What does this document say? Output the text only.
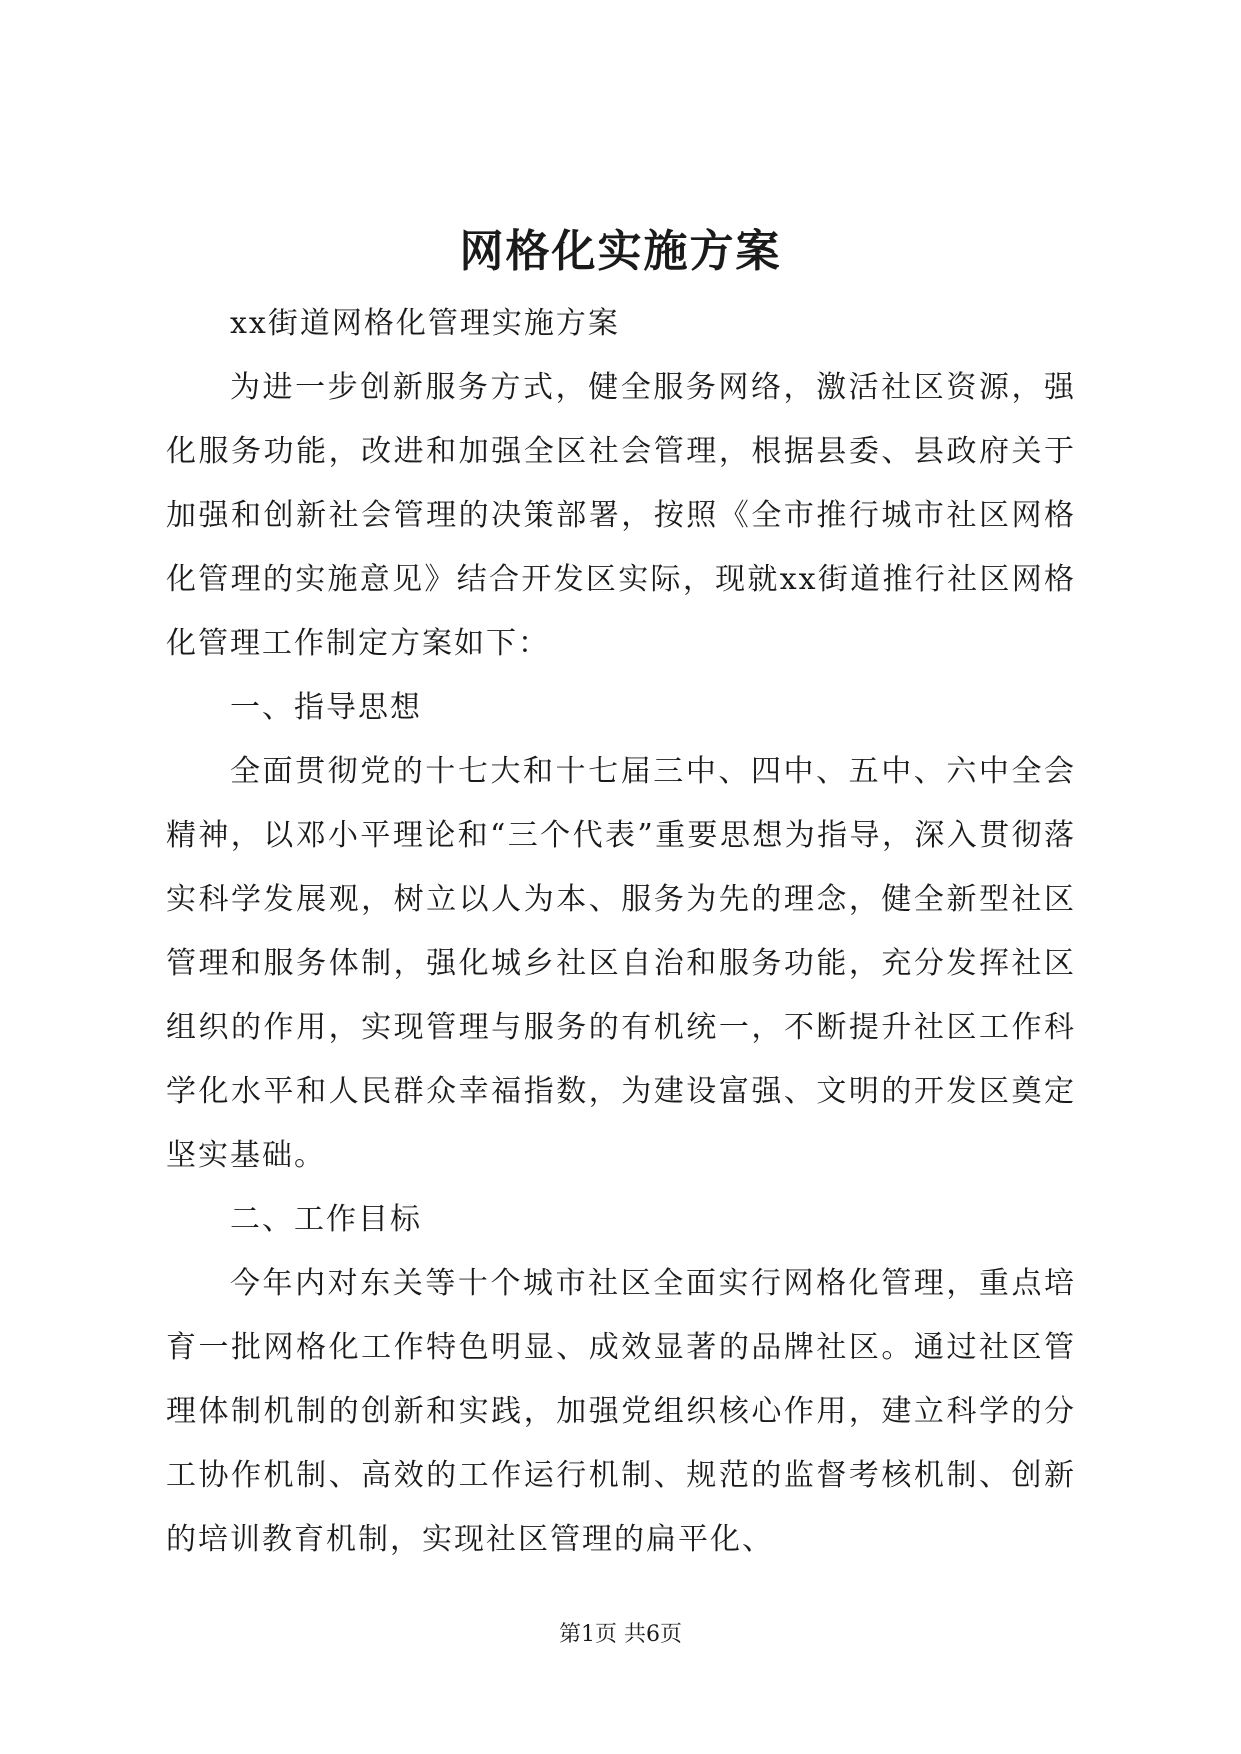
网格化实施方案

xx街道网格化管理实施方案

为进一步创新服务方式，健全服务网络，激活社区资源，强化服务功能，改进和加强全区社会管理，根据县委、县政府关于加强和创新社会管理的决策部署，按照《全市推行城市社区网格化管理的实施意见》结合开发区实际，现就xx街道推行社区网格化管理工作制定方案如下：

一、指导思想

全面贯彻党的十七大和十七届三中、四中、五中、六中全会精神，以邓小平理论和“三个代表”重要思想为指导，深入贯彻落实科学发展观，树立以人为本、服务为先的理念，健全新型社区管理和服务体制，强化城乡社区自治和服务功能，充分发挥社区组织的作用，实现管理与服务的有机统一，不断提升社区工作科学化水平和人民群众幸福指数，为建设富强、文明的开发区奠定坚实基础。

二、工作目标

今年内对东关等十个城市社区全面实行网格化管理，重点培育一批网格化工作特色明显、成效显著的品牌社区。通过社区管理体制机制的创新和实践，加强党组织核心作用，建立科学的分工协作机制、高效的工作运行机制、规范的监督考核机制、创新的培训教育机制，实现社区管理的扁平化、

第1页 共6页
